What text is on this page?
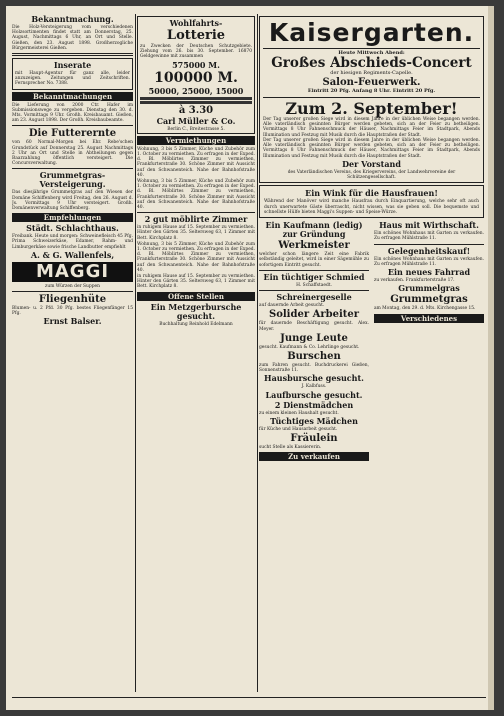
Bekanntmachung.
Die Holz-Versteigerung vom verschiedenen Holzsortimenten findet statt am Donnerstag, 25. August, Nachmittags 6 Uhr, an Ort und Stelle. Gießen, den 23. August 1898. Großherzogliche Bürgermeisterei Gießen.
Inserate
mit Haupt-Agentur für ganz alle, leider anzuzeigen. Zeitungen und Zeitschriften. Fernsprecher No. 7388.
Bekanntmachungen
Die Lieferung von 2000 Ctr. Hafer im Submissionswege zu vergeben. Dienstag den 30. d. Mts. Vormittags 9 Uhr. Großh. Kreisbauamt. Gießen, am 23. August 1898. Der Großh. Kreisbaubeamte.
Die Futterernte
von 60 Normal-Morgen bei Ehr. Rebe'schen Grundstück auf Donnerstag 25. August Nachmittags 2 Uhr an Ort und Stelle in Abtheilungen gegen Baarzahlung öffentlich versteigert. Die Concursverwaltung.
Grummetgras-Versteigerung.
Das diesjährige Grummetgras auf den Wiesen der Domäne Schiffenberg wird Freitag, den 26. August d. Js. Vormittags 9 Uhr versteigert. Großh. Domänenverwaltung Schiffenberg.
Empfehlungen
Städt. Schlachthaus.
Freibank. Heute und morgen: Schweinefleisch 45 Pfg. Prima Schweizerkäse, Edamer, Rahm- und Limburgerkäse sowie frische Landbutter empfiehlt
A. & G. Wallenfels,
MAGGI
zum Würzen der Suppen
Fliegenhüte
Blumen- u. 2 Pfd. 30 Pfg. bestes Fliegenfänger 15 Pfg.
Ernst Balser.
Wohlfahrts-
Lotterie
zu Zwecken der Deutschen Schutzgebiete. Ziehung vom 26. bis 30. September. 16870 Geldgewinne mit zusammen
575000 M.
100000 M.
50000, 25000, 15000
à 3.30
Carl Müller & Co.
Berlin C., Breitestrasse 5.
Vermiethungen
Wohnung, 3 bis 5 Zimmer, Küche und Zubehör zum 1. October zu vermiethen. Zu erfragen in der Exped. d. Bl. Möblirtes Zimmer zu vermiethen, Frankfurterstraße 30. Schöne Zimmer mit Aussicht auf den Schwanenteich. Nahe der Bahnhofstraße 40.
Wohnung, 3 bis 5 Zimmer, Küche und Zubehör zum 1. October zu vermiethen. Zu erfragen in der Exped. d. Bl. Möblirtes Zimmer zu vermiethen, Frankfurterstraße 30. Schöne Zimmer mit Aussicht auf den Schwanenteich. Nahe der Bahnhofstraße 40.
2 gut möblirte Zimmer
in ruhigem Hause auf 15. September zu vermiethen. Hinter den Gärten 35. Seltersweg 63, 1 Zimmer mit Bett. Kirchplatz 8.
Wohnung, 3 bis 5 Zimmer, Küche und Zubehör zum 1. October zu vermiethen. Zu erfragen in der Exped. d. Bl. Möblirtes Zimmer zu vermiethen, Frankfurterstraße 30. Schöne Zimmer mit Aussicht auf den Schwanenteich. Nahe der Bahnhofstraße 40.
in ruhigem Hause auf 15. September zu vermiethen. Hinter den Gärten 35. Seltersweg 63, 1 Zimmer mit Bett. Kirchplatz 8.
Offene Stellen
Ein Metzgerburschе gesucht.
Buchhaltung Reinhold Edelmann
Kaisergarten.
Heute Mittwoch Abend:
Großes Abschieds-Concert
der hiesigen Regiments-Capelle.
Salon-Feuerwerk.
Eintritt 20 Pfg. Anfang 8 Uhr. Eintritt 20 Pfg.
Zum 2. September!
Der Tag unserer großen Siege wird in diesem Jahre in der üblichen Weise begangen werden. Alle vaterländisch gesinnten Bürger werden gebeten, sich an der Feier zu betheiligen. Vormittags 8 Uhr Fahnenschmuck der Häuser, Nachmittags Feier im Stadtpark, Abends Illumination und Festzug mit Musik durch die Hauptstraßen der Stadt.
Der Tag unserer großen Siege wird in diesem Jahre in der üblichen Weise begangen werden. Alle vaterländisch gesinnten Bürger werden gebeten, sich an der Feier zu betheiligen. Vormittags 8 Uhr Fahnenschmuck der Häuser, Nachmittags Feier im Stadtpark, Abends Illumination und Festzug mit Musik durch die Hauptstraßen der Stadt.
Der Vorstand
des Vaterländischen Vereins, des Kriegervereins, der Landwehrvereine der Schützengesellschaft.
Ein Wink für die Hausfrauen!
Während der Manöver wird manche Hausfrau durch Einquartierung, welche sehr oft auch durch unerwartete Gäste überrascht, nicht wissen, was sie geben soll. Die bequemste und schnellste Hülfe bieten Maggi's Suppen- und Speise-Würze.
Ein Kaufmann (ledig) zur Gründung
Werkmeister
welcher schon längere Zeit eine Fabrik selbständig geleitet, wird in einer Sägemühle zu sofortigem Eintritt gesucht.
Ein tüchtiger Schmied
H. Schaffstaedt.
Schreinergeselle
auf dauernde Arbeit gesucht.
Solider Arbeiter
für dauernde Beschäftigung gesucht. Alex. Meyer.
Junge Leute
gesucht. Kaufmann & Co. Lehrlinge gesucht.
Burschen
zum Fahren gesucht. Buchdruckerei Gießen, Sonnenstraße 11.
Hausbursche gesucht.
J. Kalbfuss.
Laufbursche gesucht.
2 Dienstmädchen
zu einem kleinen Haushalt gesucht.
Tüchtiges Mädchen
für Küche und Hausarbeit gesucht.
Fräulein
sucht Stelle als Kassiererin.
Zu verkaufen
Haus mit Wirthschaft.
Ein schönes Wohnhaus mit Garten zu verkaufen. Zu erfragen Mühlstraße 11.
Gelegenheitskauf!
Ein schönes Wohnhaus mit Garten zu verkaufen. Zu erfragen Mühlstraße 11.
Ein neues Fahrrad
zu verkaufen. Frankfurterstraße 17.
Grummelgras
Grummetgras
am Montag, den 29. d. Mts. Kirchengasse 15.
Verschiedenes
